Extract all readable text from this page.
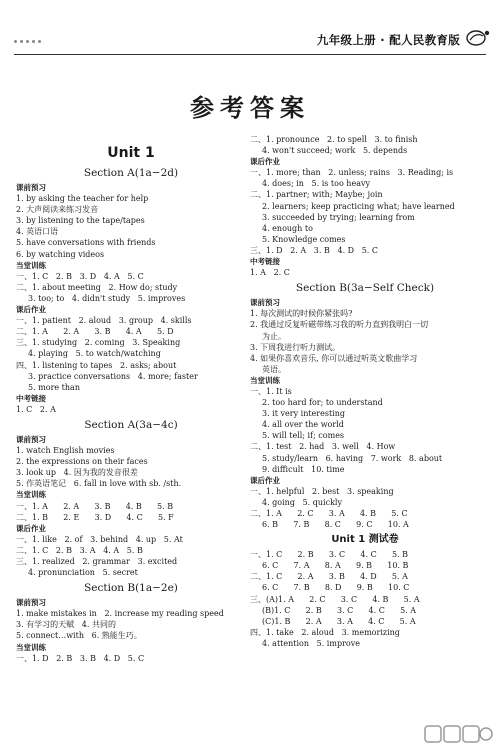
九年级上册 · 配人民教育版
参考答案
Unit 1
Section A(1a−2d)
课前预习
1. by asking the teacher for help
2. 大声阅读来练习发音
3. by listening to the tape/tapes
4. 英语口语
5. have conversations with friends
6. by watching videos
当堂训练
一、1. C   2. B   3. D   4. A   5. C
二、1. about meeting   2. How do; study
3. too; to   4. didn't study   5. improves
课后作业
一、1. patient   2. aloud   3. group   4. skills
二、1. A      2. A      3. B      4. A      5. D
三、1. studying   2. coming   3. Speaking
4. playing   5. to watch/watching
四、1. listening to tapes   2. asks; about
3. practice conversations   4. more; faster
5. more than
中考链接
1. C   2. A
Section A(3a−4c)
课前预习
1. watch English movies
2. the expressions on their faces
3. look up   4. 因为我的发音很差
5. 作英语笔记   6. fall in love with sb. /sth.
当堂训练
一、1. A      2. A      3. B      4. B      5. B
二、1. B      2. E      3. D      4. C      5. F
课后作业
一、1. like   2. of   3. behind   4. up   5. At
二、1. C   2. B   3. A   4. A   5. B
三、1. realized   2. grammar   3. excited
4. pronunciation   5. secret
Section B(1a−2e)
课前预习
1. make mistakes in   2. increase my reading speed
3. 有学习的天赋   4. 共同的
5. connect…with   6. 熟能生巧。
当堂训练
一、1. D   2. B   3. B   4. D   5. C
二、1. pronounce   2. to spell   3. to finish
4. won't succeed; work   5. depends
课后作业
一、1. more; than   2. unless; rains   3. Reading; is
4. does; in   5. is too heavy
二、1. partner; with; Maybe; join
2. learners; keep practicing what; have learned
3. succeeded by trying; learning from
4. enough to
5. Knowledge comes
三、1. D   2. A   3. B   4. D   5. C
中考链接
1. A   2. C
Section B(3a−Self Check)
课前预习
1. 每次测试的时候你紧张吗?
2. 我通过反复听磁带练习我的听力直到我明白一切
为止。
3. 下周我进行听力测试。
4. 如果你喜欢音乐, 你可以通过听英文歌曲学习
英语。
当堂训练
一、1. It is
2. too hard for; to understand
3. it very interesting
4. all over the world
5. will tell; if; comes
二、1. test   2. had   3. well   4. How
5. study/learn   6. having   7. work   8. about
9. difficult   10. time
课后作业
一、1. helpful   2. best   3. speaking
4. going   5. quickly
二、1. A      2. C      3. A      4. B      5. C
6. B      7. B      8. C      9. C      10. A
Unit 1 测试卷
一、1. C      2. B      3. C      4. C      5. B
6. C      7. A      8. A      9. B      10. B
二、1. C      2. A      3. B      4. D      5. A
6. C      7. B      8. D      9. B      10. C
三、(A)1. A      2. C      3. C      4. B      5. A
(B)1. C      2. B      3. C      4. C      5. A
(C)1. B      2. A      3. A      4. C      5. A
四、1. take   2. aloud   3. memorizing
4. attention   5. improve
